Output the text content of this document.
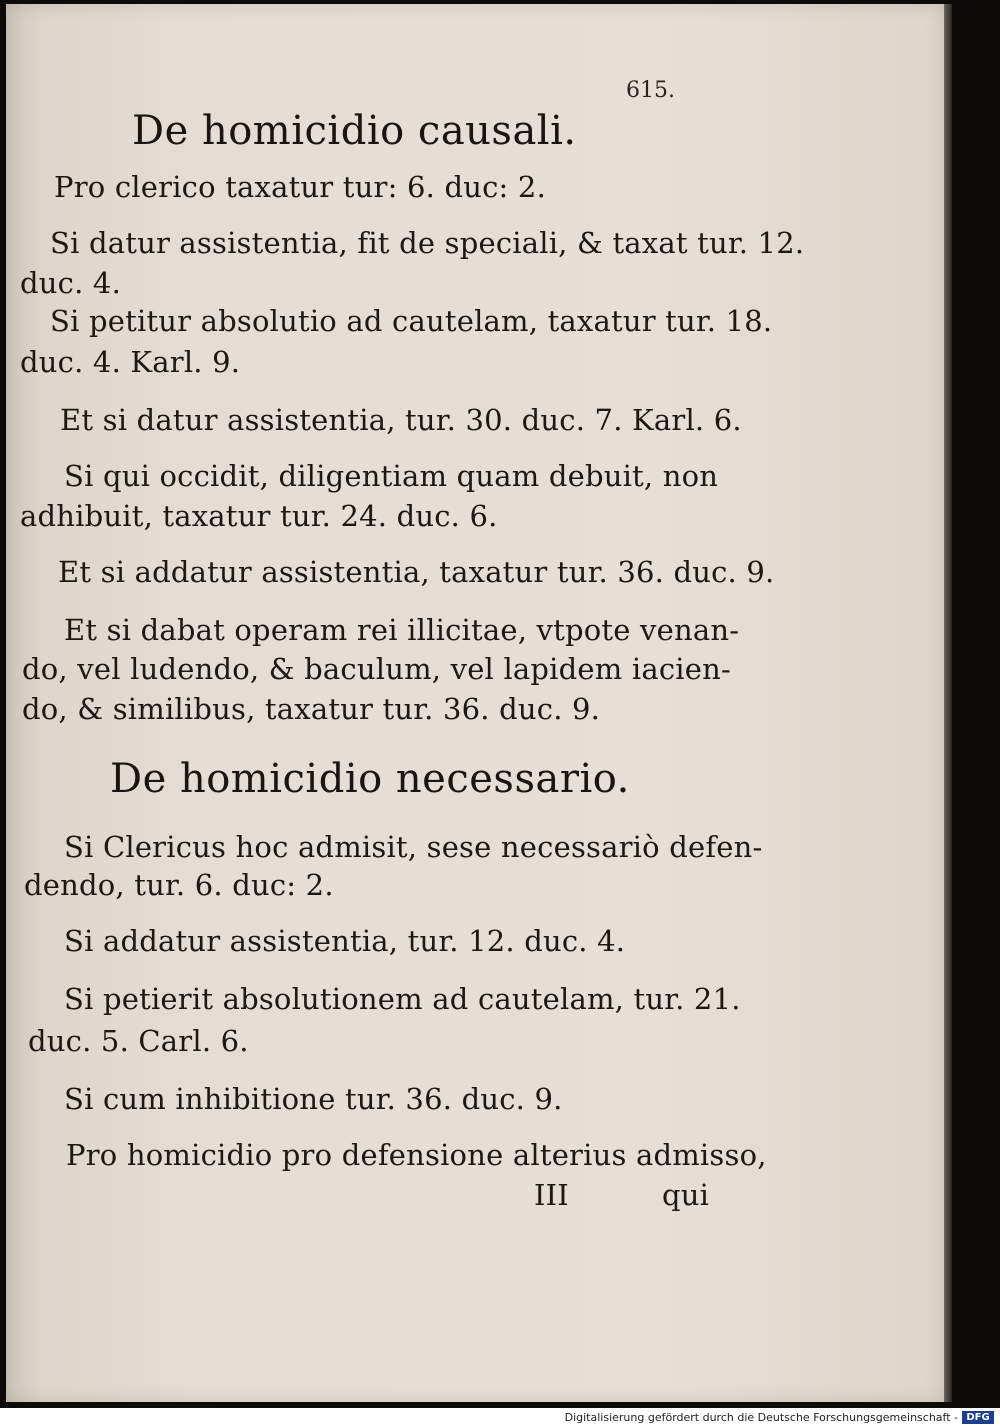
615.
De homicidio causali.
Pro clerico taxatur tur: 6. duc: 2.
Si datur assistentia, fit de speciali, & taxat tur. 12.
duc. 4.
Si petitur absolutio ad cautelam, taxatur tur. 18.
duc. 4. Karl. 9.
Et si datur assistentia, tur. 30. duc. 7. Karl. 6.
Si qui occidit, diligentiam quam debuit, non
adhibuit, taxatur tur. 24. duc. 6.
Et si addatur assistentia, taxatur tur. 36. duc. 9.
Et si dabat operam rei illicitae, vtpote venan-
do, vel ludendo, & baculum, vel lapidem iacien-
do, & similibus, taxatur tur. 36. duc. 9.
De homicidio necessario.
Si Clericus hoc admisit, sese necessariò defen-
dendo, tur. 6. duc: 2.
Si addatur assistentia, tur. 12. duc. 4.
Si petierit absolutionem ad cautelam, tur. 21.
duc. 5. Carl. 6.
Si cum inhibitione tur. 36. duc. 9.
Pro homicidio pro defensione alterius admisso,
III	qui
Digitalisierung gefördert durch die Deutsche Forschungsgemeinschaft - DFG
